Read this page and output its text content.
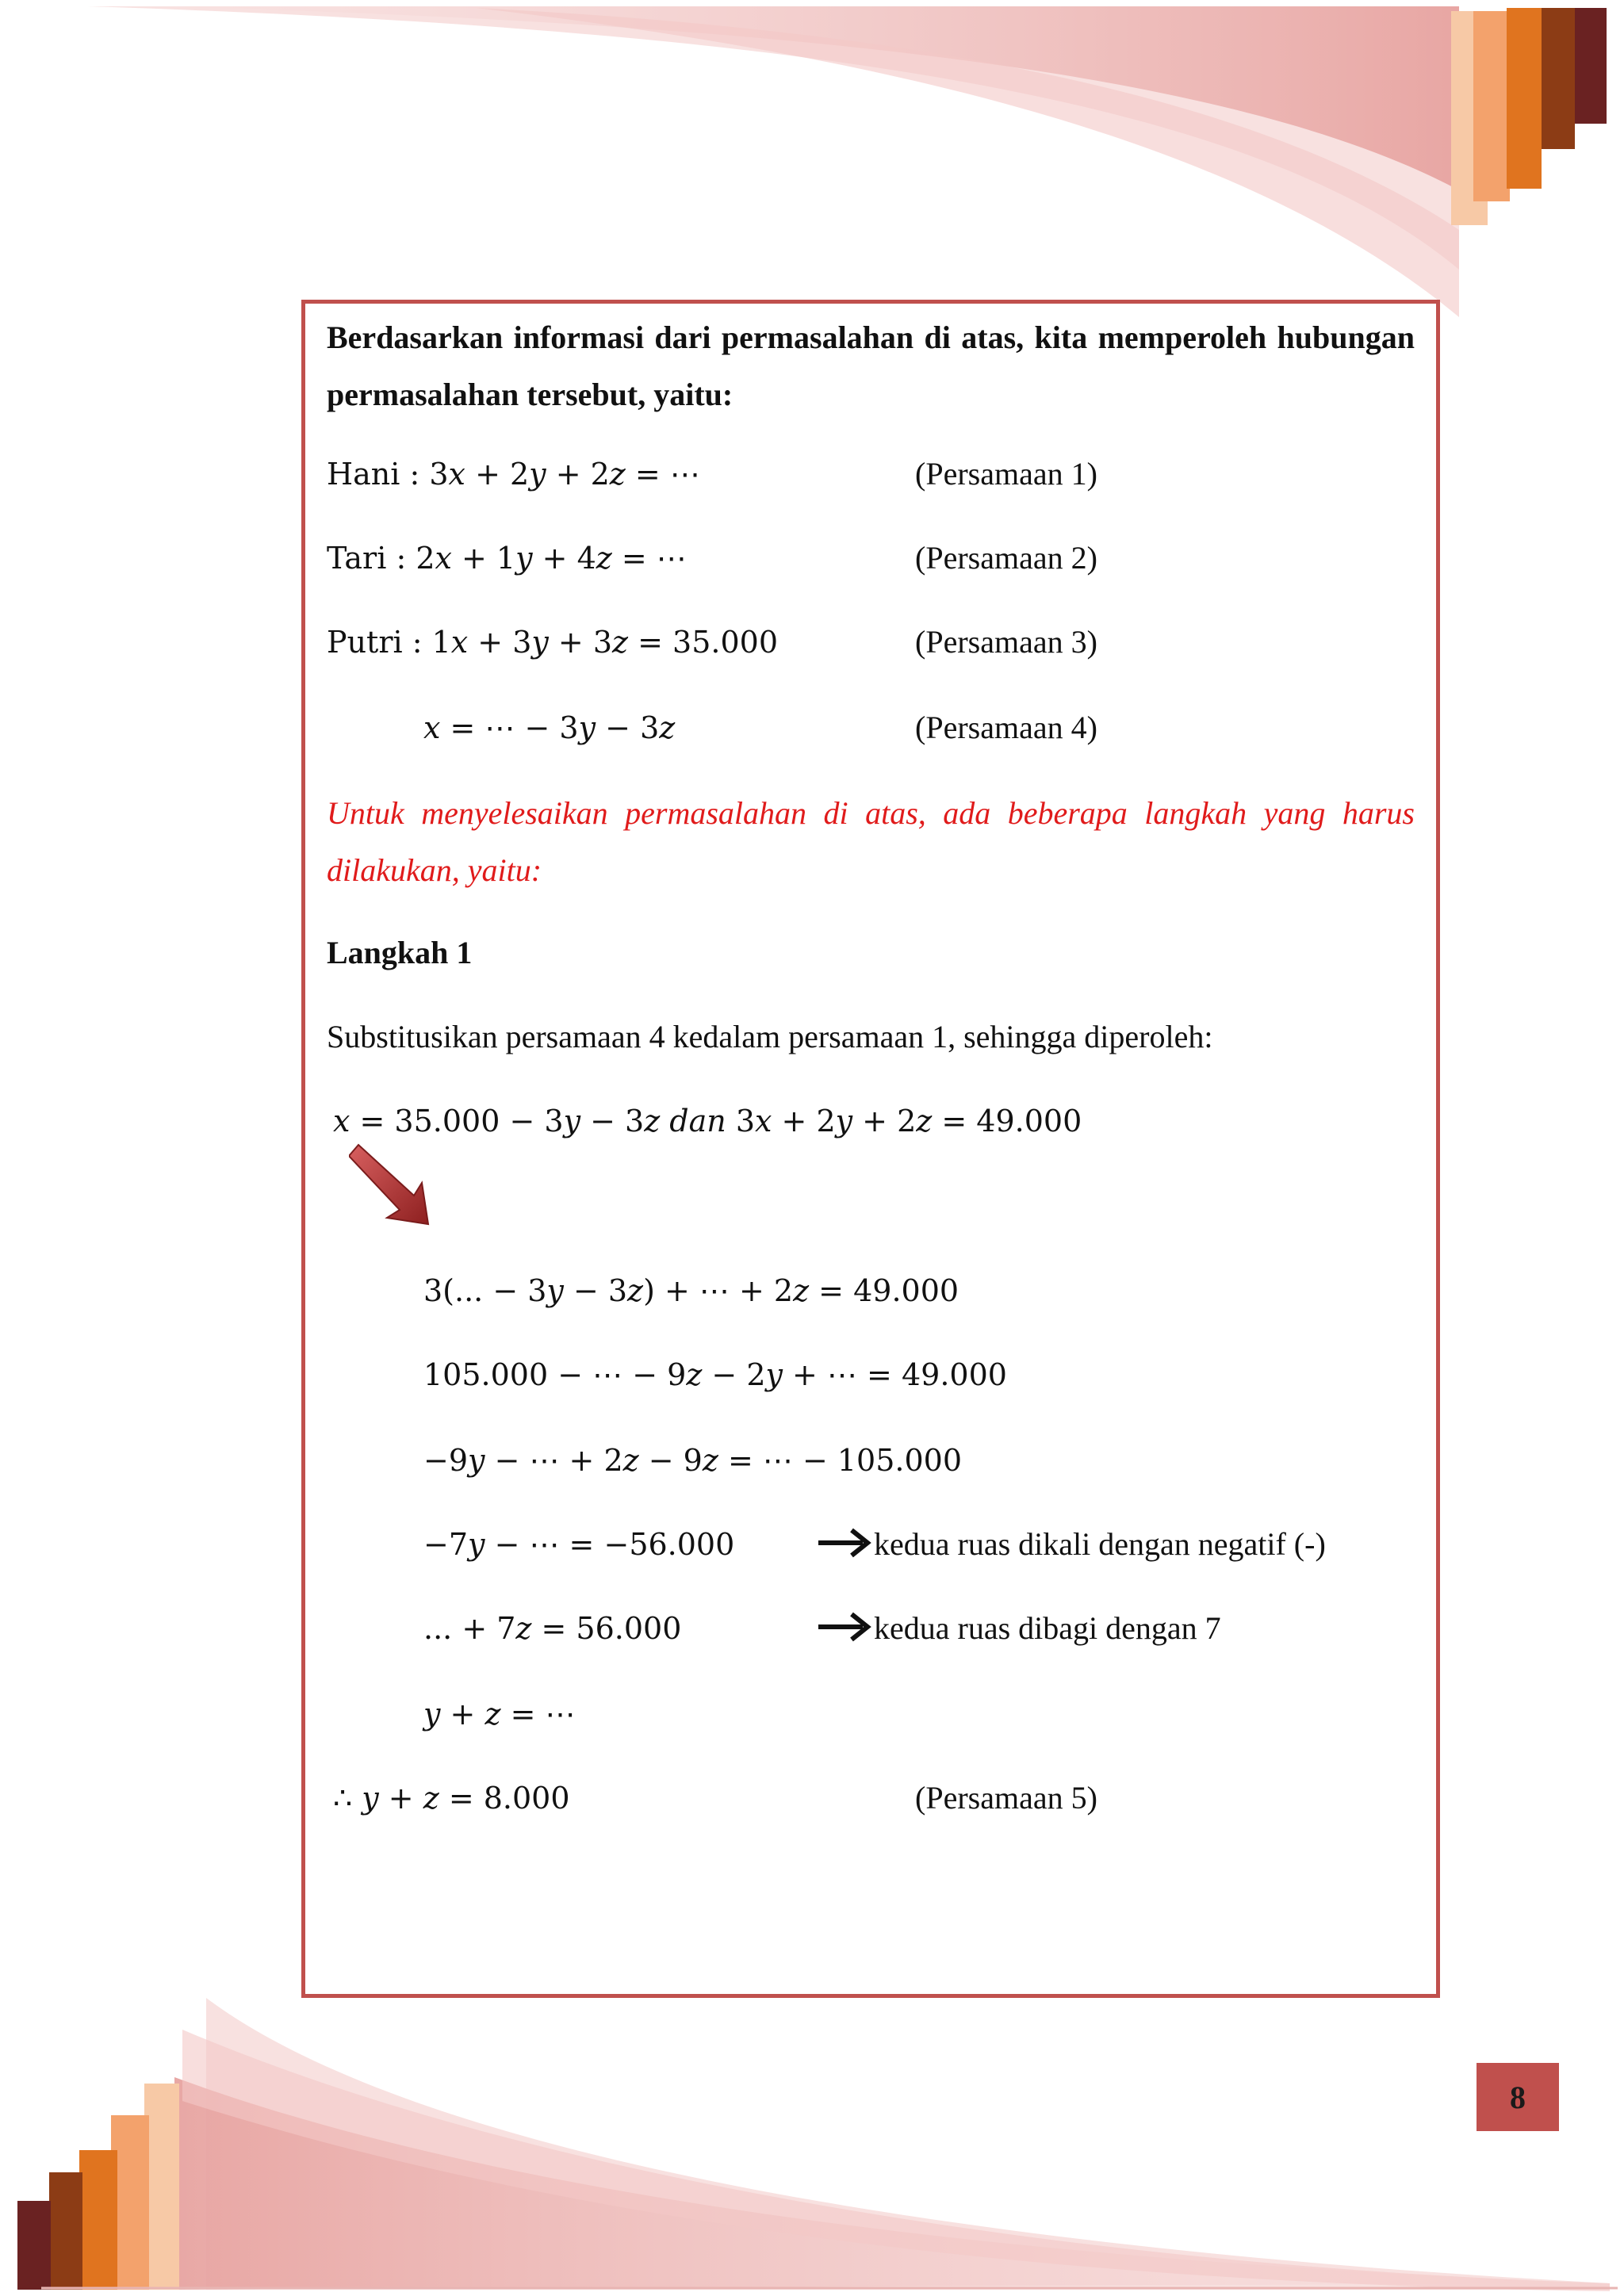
Berdasarkan informasi dari permasalahan di atas, kita memperoleh hubungan permasalahan tersebut, yaitu:
Hani : 3𝑥 + 2𝑦 + 2𝑧 = ⋯	(Persamaan 1)
Tari : 2𝑥 + 1𝑦 + 4𝑧 = ⋯	(Persamaan 2)
Putri : 1𝑥 + 3𝑦 + 3𝑧 = 35.000	(Persamaan 3)
𝑥 = ⋯ − 3𝑦 − 3𝑧	(Persamaan 4)
Untuk menyelesaikan permasalahan di atas, ada beberapa langkah yang harus dilakukan, yaitu:
Langkah 1
Substitusikan persamaan 4 kedalam persamaan 1, sehingga diperoleh:
𝑥 = 35.000 − 3𝑦 − 3𝑧 𝑑𝑎𝑛 3𝑥 + 2𝑦 + 2𝑧 = 49.000
3(... − 3𝑦 − 3𝑧) + ⋯ + 2𝑧 = 49.000
105.000 − ⋯ − 9𝑧 − 2𝑦 + ⋯ = 49.000
−9𝑦 − ⋯ + 2𝑧 − 9𝑧 = ⋯ − 105.000
−7𝑦 − ⋯ = −56.000	kedua ruas dikali dengan negatif (-)
... + 7𝑧 = 56.000	kedua ruas dibagi dengan 7
𝑦 + 𝑧 = ⋯
∴ 𝑦 + 𝑧 = 8.000	(Persamaan 5)
8
